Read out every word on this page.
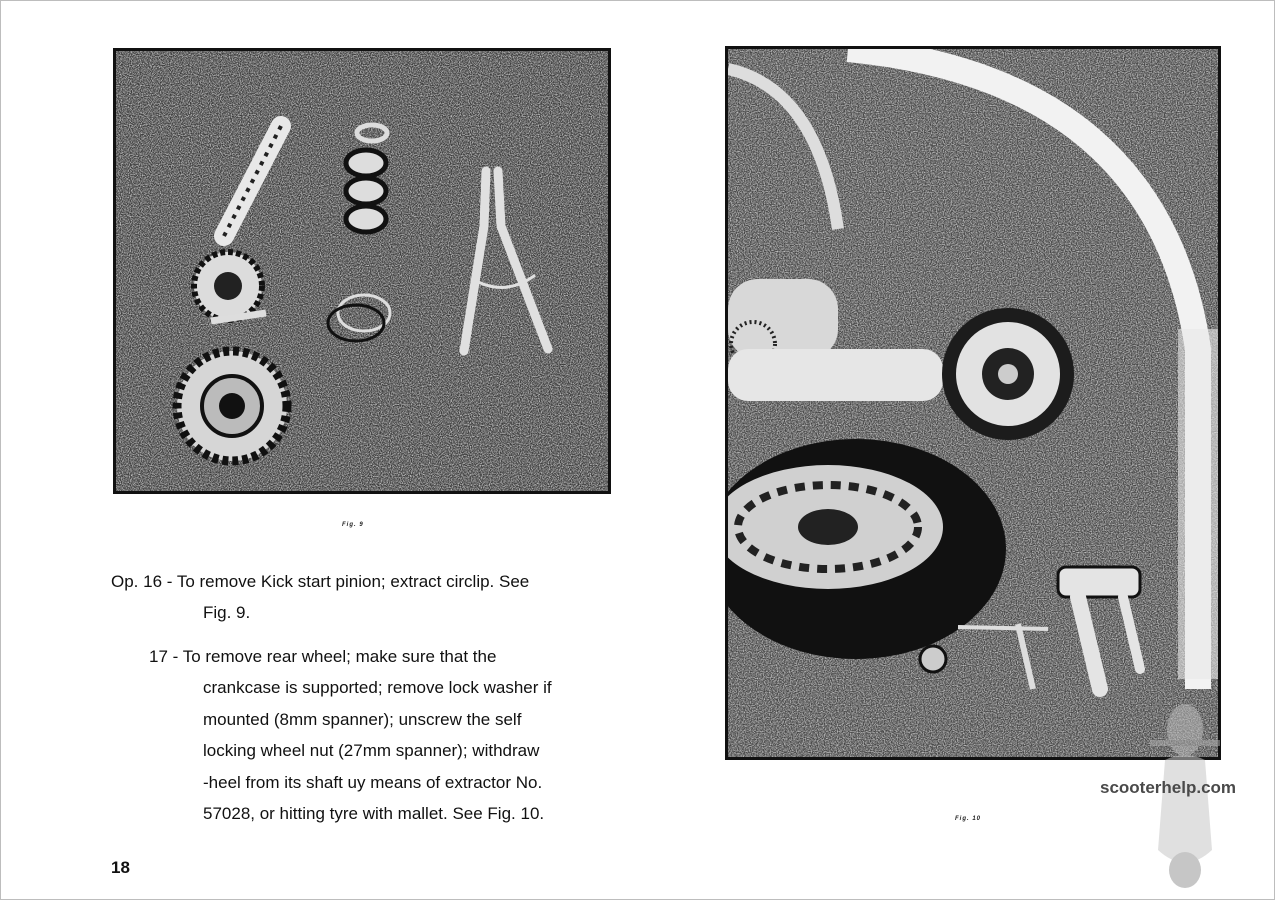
Fig. 9
Fig. 10
Op. 16 - To remove Kick start pinion; extract circlip. See
Fig. 9.
17 - To remove rear wheel; make sure that the
crankcase is supported; remove lock washer if
mounted (8mm spanner); unscrew the self
locking wheel nut (27mm spanner); withdraw
-heel from its shaft uy means of extractor No.
57028, or hitting tyre with mallet. See Fig. 10.
18
scooterhelp.com
